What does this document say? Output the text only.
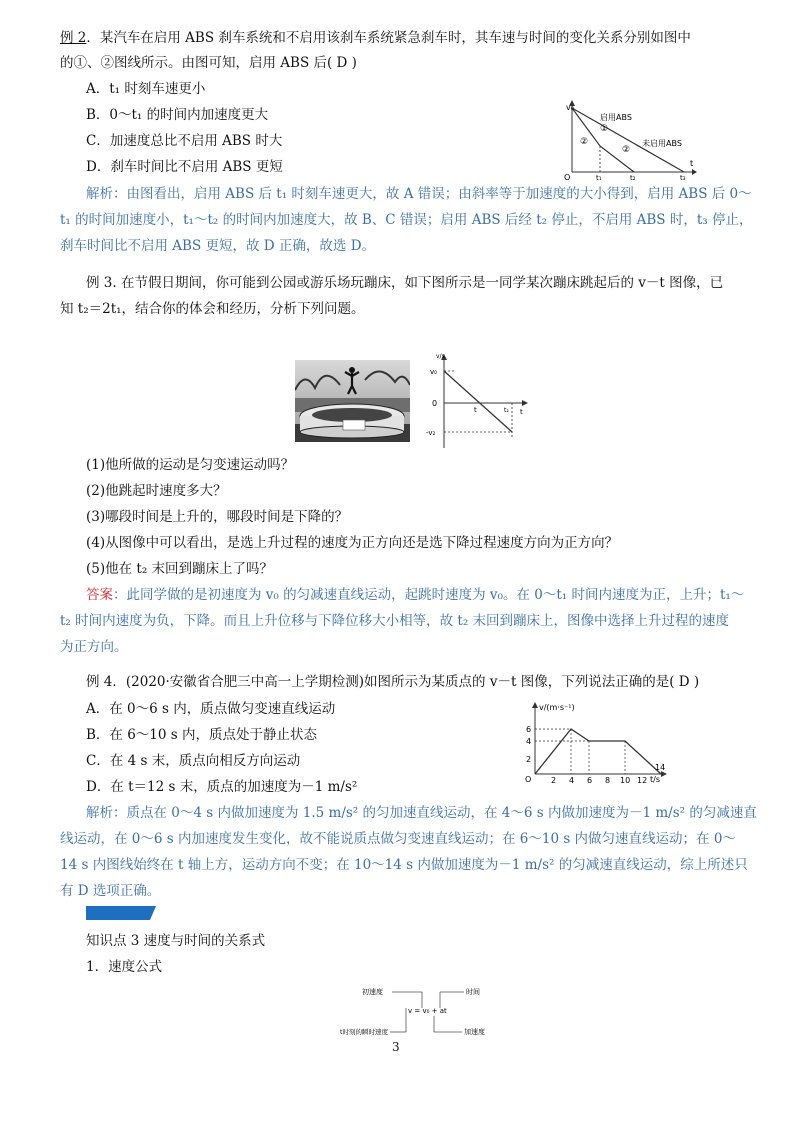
例 2．某汽车在启用 ABS 刹车系统和不启用该刹车系统紧急刹车时，其车速与时间的变化关系分别如图中
的①、②图线所示。由图可知，启用 ABS 后( D )
A．t₁ 时刻车速更小
B．0～t₁ 的时间内加速度更大
C．加速度总比不启用 ABS 时大
D．刹车时间比不启用 ABS 更短
v₀
启用ABS
①
②
②
未启用ABS
O	t₁	t₂	t₃
t
解析：由图看出，启用 ABS 后 t₁ 时刻车速更大，故 A 错误；由斜率等于加速度的大小得到，启用 ABS 后 0～
t₁ 的时间加速度小，t₁～t₂ 的时间内加速度大，故 B、C 错误；启用 ABS 后经 t₂ 停止，不启用 ABS 时，t₃ 停止，
刹车时间比不启用 ABS 更短，故 D 正确，故选 D。
例 3. 在节假日期间，你可能到公园或游乐场玩蹦床，如下图所示是一同学某次蹦床跳起后的 v－t 图像，已
知 t₂＝2t₁，结合你的体会和经历，分析下列问题。
v/s
v₀
0
t	t₂ t
-v₂
(1)他所做的运动是匀变速运动吗？
(2)他跳起时速度多大？
(3)哪段时间是上升的，哪段时间是下降的？
(4)从图像中可以看出，是选上升过程的速度为正方向还是选下降过程速度方向为正方向？
(5)他在 t₂ 末回到蹦床上了吗？
答案：此同学做的是初速度为 v₀ 的匀减速直线运动，起跳时速度为 v₀。在 0～t₁ 时间内速度为正，上升；t₁～
t₂ 时间内速度为负，下降。而且上升位移与下降位移大小相等，故 t₂ 末回到蹦床上，图像中选择上升过程的速度
为正方向。
例 4．(2020·安徽省合肥三中高一上学期检测)如图所示为某质点的 v－t 图像，下列说法正确的是( D )
A．在 0～6 s 内，质点做匀变速直线运动
B．在 6～10 s 内，质点处于静止状态
C．在 4 s 末，质点向相反方向运动
D．在 t＝12 s 末，质点的加速度为－1 m/s²
v/(m·s⁻¹)
t/s
O
6
4
2
2 4 6 8 10 12
14
解析：质点在 0～4 s 内做加速度为 1.5 m/s² 的匀加速直线运动，在 4～6 s 内做加速度为－1 m/s² 的匀减速直
线运动，在 0～6 s 内加速度发生变化，故不能说质点做匀变速直线运动；在 6～10 s 内做匀速直线运动；在 0～
14 s 内图线始终在 t 轴上方，运动方向不变；在 10～14 s 内做加速度为－1 m/s² 的匀减速直线运动，综上所述只
有 D 选项正确。
知识点 3 速度与时间的关系式
1．速度公式
初速度	时间
v = v₀ + at
t时刻的瞬时速度	加速度
3
